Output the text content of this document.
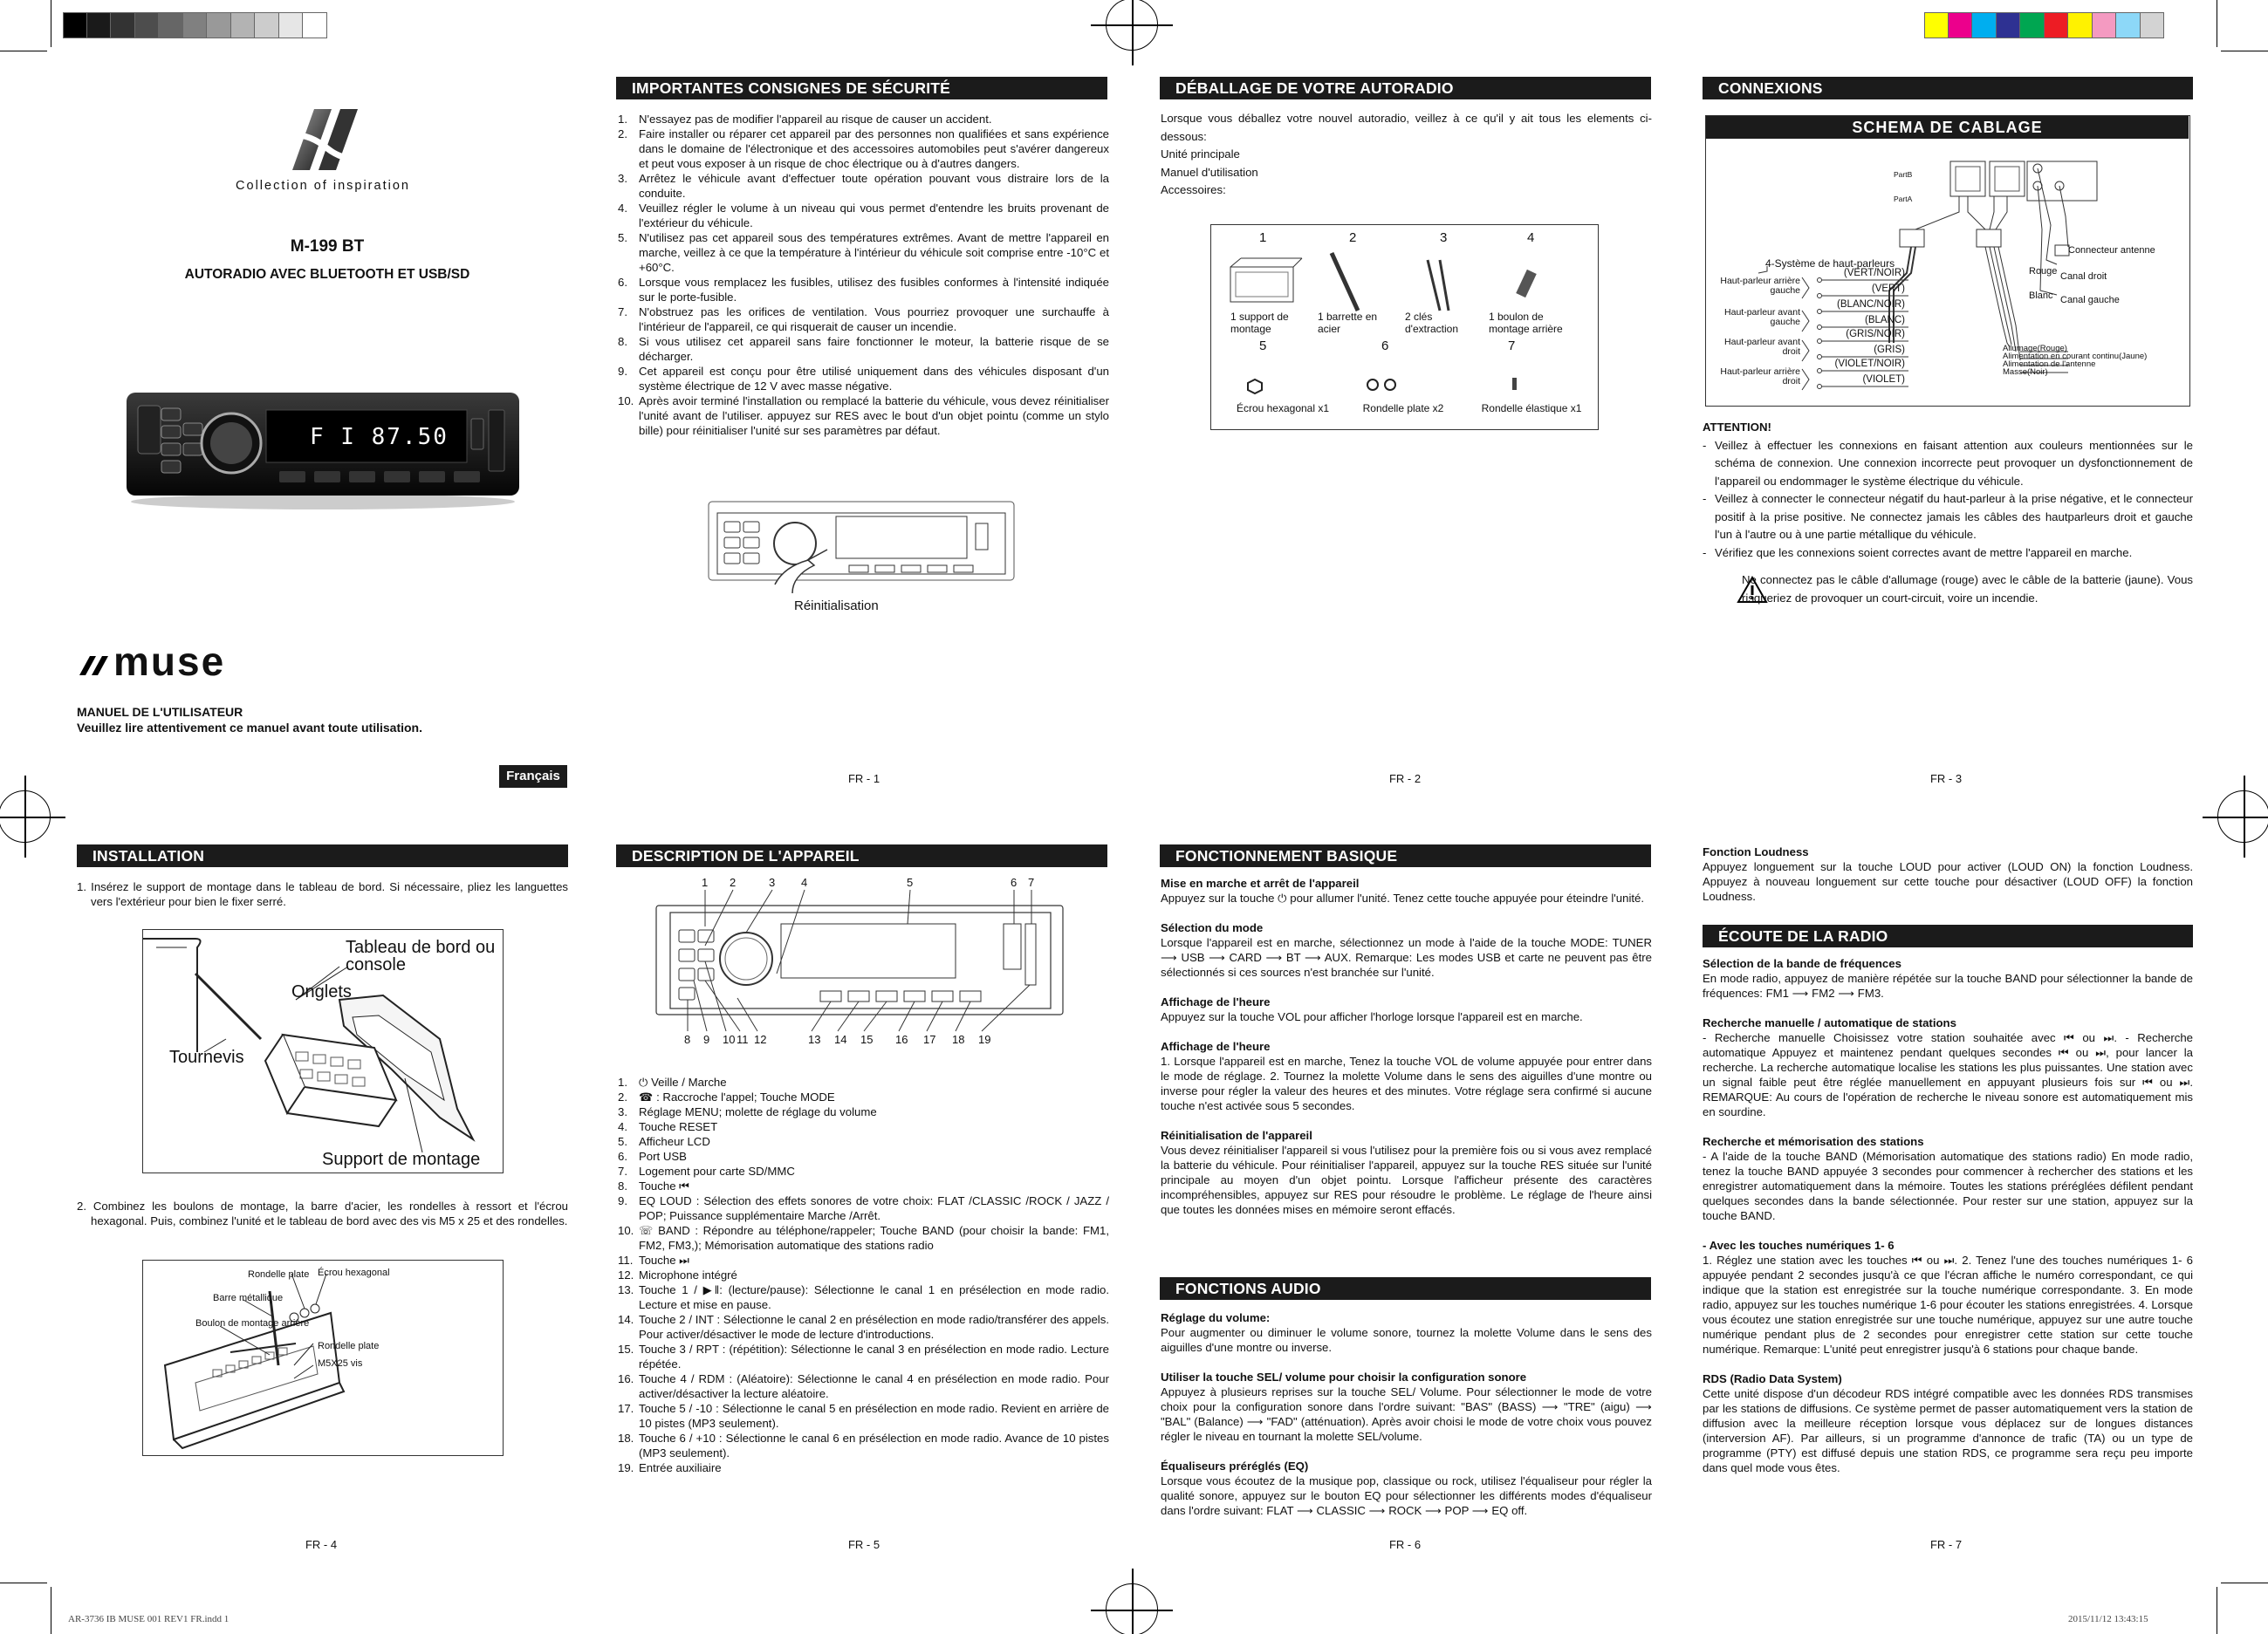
Collection of inspiration
M-199 BT
AUTORADIO AVEC BLUETOOTH ET USB/SD
F I 87.50
muse
MANUEL DE L'UTILISATEUR
Veuillez lire attentivement ce manuel avant toute utilisation.
Français
IMPORTANTES CONSIGNES DE SÉCURITÉ
1. N'essayez pas de modifier l'appareil au risque de causer un accident.
2. Faire installer ou réparer cet appareil par des personnes non qualifiées et sans expérience dans le domaine de l'électronique et des accessoires automobiles peut s'avérer dangereux et peut vous exposer à un risque de choc électrique ou à d'autres dangers.
3. Arrêtez le véhicule avant d'effectuer toute opération pouvant vous distraire lors de la conduite.
4. Veuillez régler le volume à un niveau qui vous permet d'entendre les bruits provenant de l'extérieur du véhicule.
5. N'utilisez pas cet appareil sous des températures extrêmes. Avant de mettre l'appareil en marche, veillez à ce que la température à l'intérieur du véhicule soit comprise entre -10°C et +60°C.
6. Lorsque vous remplacez les fusibles, utilisez des fusibles conformes à l'intensité indiquée sur le porte-fusible.
7. N'obstruez pas les orifices de ventilation. Vous pourriez provoquer une surchauffe à l'intérieur de l'appareil, ce qui risquerait de causer un incendie.
8. Si vous utilisez cet appareil sans faire fonctionner le moteur, la batterie risque de se décharger.
9. Cet appareil est conçu pour être utilisé uniquement dans des véhicules disposant d'un système électrique de 12 V avec masse négative.
10. Après avoir terminé l'installation ou remplacé la batterie du véhicule, vous devez réinitialiser l'unité avant de l'utiliser. appuyez sur RES avec le bout d'un objet pointu (comme un stylo bille) pour réinitialiser l'unité sur ses paramètres par défaut.
Réinitialisation
FR - 1
DÉBALLAGE DE VOTRE AUTORADIO

Lorsque vous déballez votre nouvel autoradio, veillez à ce qu'il y ait tous les elements ci-dessous:

Unité principale

Manuel d'utilisation

Accessoires:

1
1 support de montage
2
1 barrette en acier
3
2 clés d'extraction
4
1 boulon de montage arrière
5
Écrou hexagonal x1
6
Rondelle plate x2
7
Rondelle élastique x1
FR - 2
CONNEXIONS
SCHEMA DE CABLAGE
PartB
PartA
4-Système de haut-parleurs
Haut-parleur arrière gauche
Haut-parleur avant gauche
Haut-parleur avant droit
Haut-parleur arrière droit
(VERT/NOIR)
(VERT)
(BLANC/NOIR)
(BLANC)
(GRIS/NOIR)
(GRIS)
(VIOLET/NOIR)
(VIOLET)
Connecteur antenne
Rouge Canal droit
Blanc Canal gauche
Allumage(Rouge)
Alimentation en courant continu(Jaune)
Alimentation de l'antenne
Masse(Noir)

ATTENTION!

- Veillez à effectuer les connexions en faisant attention aux couleurs mentionnées sur le schéma de connexion. Une connexion incorrecte peut provoquer un dysfonctionnement de l'appareil ou endommager le système électrique du véhicule.
- Veillez à connecter le connecteur négatif du haut-parleur à la prise négative, et le connecteur positif à la prise positive. Ne connectez jamais les câbles des hautparleurs droit et gauche l'un à l'autre ou à une partie métallique du véhicule.
- Vérifiez que les connexions soient correctes avant de mettre l'appareil en marche.
Ne connectez pas le câble d'allumage (rouge) avec le câble de la batterie (jaune). Vous risqueriez de provoquer un court-circuit, voire un incendie.
FR - 3
INSTALLATION
1. Insérez le support de montage dans le tableau de bord. Si nécessaire, pliez les languettes vers l'extérieur pour bien le fixer serré.
Tableau de bord ou console
Onglets
Tournevis
Support de montage
2. Combinez les boulons de montage, la barre d'acier, les rondelles à ressort et l'écrou hexagonal. Puis, combinez l'unité et le tableau de bord avec des vis M5 x 25 et des rondelles.
Rondelle plate Écrou hexagonal
Barre métallique
Boulon de montage arrière
Rondelle plate
M5X25 vis
FR - 4
DESCRIPTION DE L'APPAREIL
1 2	3 4	5	6 7
8 9 10 11 12	13 14 15 16 17 18 19
1. ⏻ Veille / Marche
2. ☎ : Raccroche l'appel; Touche MODE
3. Réglage MENU; molette de réglage du volume
4. Touche RESET
5. Afficheur LCD
6. Port USB
7. Logement pour carte SD/MMC
8. Touche ⏮
9. EQ LOUD : Sélection des effets sonores de votre choix: FLAT /CLASSIC /ROCK / JAZZ / POP; Puissance supplémentaire Marche /Arrêt.
10. ☏ BAND : Répondre au téléphone/rappeler; Touche BAND (pour choisir la bande: FM1, FM2, FM3,); Mémorisation automatique des stations radio
11. Touche ⏭
12. Microphone intégré
13. Touche 1 / ▶‖: (lecture/pause): Sélectionne le canal 1 en présélection en mode radio. Lecture et mise en pause.
14. Touche 2 / INT : Sélectionne le canal 2 en présélection en mode radio/transférer des appels. Pour activer/désactiver le mode de lecture d'introductions.
15. Touche 3 / RPT : (répétition): Sélectionne le canal 3 en présélection en mode radio. Lecture répétée.
16. Touche 4 / RDM : (Aléatoire): Sélectionne le canal 4 en présélection en mode radio. Pour activer/désactiver la lecture aléatoire.
17. Touche 5 / -10 : Sélectionne le canal 5 en présélection en mode radio. Revient en arrière de 10 pistes (MP3 seulement).
18. Touche 6 / +10 : Sélectionne le canal 6 en présélection en mode radio. Avance de 10 pistes (MP3 seulement).
19. Entrée auxiliaire
FR - 5
FONCTIONNEMENT BASIQUE

Mise en marche et arrêt de l'appareil

Appuyez sur la touche ⏻ pour allumer l'unité. Tenez cette touche appuyée pour éteindre l'unité.

Sélection du mode

Lorsque l'appareil est en marche, sélectionnez un mode à l'aide de la touche MODE: TUNER ⟶ USB ⟶ CARD ⟶ BT ⟶ AUX. Remarque: Les modes USB et carte ne peuvent pas être sélectionnés si ces sources n'est branchée sur l'unité.

Affichage de l'heure

Appuyez sur la touche VOL pour afficher l'horloge lorsque l'appareil est en marche.

Affichage de l'heure

1. Lorsque l'appareil est en marche, Tenez la touche VOL de volume appuyée pour entrer dans le mode de réglage. 2. Tournez la molette Volume dans le sens des aiguilles d'une montre ou inverse pour régler la valeur des heures et des minutes. Votre réglage sera confirmé si aucune touche n'est activée sous 5 secondes.

Réinitialisation de l'appareil

Vous devez réinitialiser l'appareil si vous l'utilisez pour la première fois ou si vous avez remplacé la batterie du véhicule. Pour réinitialiser l'appareil, appuyez sur la touche RES située sur l'unité principale au moyen d'un objet pointu. Lorsque l'afficheur présente des caractères incompréhensibles, appuyez sur RES pour résoudre le problème. Le réglage de l'heure ainsi que toutes les données mises en mémoire seront effacés.

FONCTIONS AUDIO

Réglage du volume:

Pour augmenter ou diminuer le volume sonore, tournez la molette Volume dans le sens des aiguilles d'une montre ou inverse.

Utiliser la touche SEL/ volume pour choisir la configuration sonore

Appuyez à plusieurs reprises sur la touche SEL/ Volume. Pour sélectionner le mode de votre choix pour la configuration sonore dans l'ordre suivant: "BAS" (BASS) ⟶ "TRE" (aigu) ⟶ "BAL" (Balance) ⟶ "FAD" (atténuation). Après avoir choisi le mode de votre choix vous pouvez régler le niveau en tournant la molette SEL/volume.

Équaliseurs préréglés (EQ)

Lorsque vous écoutez de la musique pop, classique ou rock, utilisez l'équaliseur pour régler la qualité sonore, appuyez sur le bouton EQ pour sélectionner les différents modes d'équaliseur dans l'ordre suivant: FLAT ⟶ CLASSIC ⟶ ROCK ⟶ POP ⟶ EQ off.

FR - 6

Fonction Loudness

Appuyez longuement sur la touche LOUD pour activer (LOUD ON) la fonction Loudness. Appuyez à nouveau longuement sur cette touche pour désactiver (LOUD OFF) la fonction Loudness.

ÉCOUTE DE LA RADIO

Sélection de la bande de fréquences

En mode radio, appuyez de manière répétée sur la touche BAND pour sélectionner la bande de fréquences: FM1 ⟶ FM2 ⟶ FM3.

Recherche manuelle / automatique de stations

- Recherche manuelle Choisissez votre station souhaitée avec ⏮ ou ⏭. - Recherche automatique Appuyez et maintenez pendant quelques secondes ⏮ ou ⏭, pour lancer la recherche. La recherche automatique localise les stations les plus puissantes. Une station avec un signal faible peut être réglée manuellement en appuyant plusieurs fois sur ⏮ ou ⏭. REMARQUE: Au cours de l'opération de recherche le niveau sonore est automatiquement mis en sourdine.

Recherche et mémorisation des stations

- A l'aide de la touche BAND (Mémorisation automatique des stations radio) En mode radio, tenez la touche BAND appuyée 3 secondes pour commencer à rechercher des stations et les enregistrer automatiquement dans la mémoire. Toutes les stations préréglées défilent pendant quelques secondes dans la bande sélectionnée. Pour rester sur une station, appuyez sur la touche BAND.

- Avec les touches numériques 1- 6

1. Réglez une station avec les touches ⏮ ou ⏭. 2. Tenez l'une des touches numériques 1- 6 appuyée pendant 2 secondes jusqu'à ce que l'écran affiche le numéro correspondant, ce qui indique que la station est enregistrée sur la touche numérique correspondante. 3. En mode radio, appuyez sur les touches numérique 1-6 pour écouter les stations enregistrées. 4. Lorsque vous écoutez une station enregistrée sur une touche numérique, appuyez sur une autre touche numérique pendant plus de 2 secondes pour enregistrer cette station sur cette touche numérique. Remarque: L'unité peut enregistrer jusqu'à 6 stations pour chaque bande.

RDS (Radio Data System)

Cette unité dispose d'un décodeur RDS intégré compatible avec les données RDS transmises par les stations de diffusions. Ce système permet de passer automatiquement vers la station de diffusion avec la meilleure réception lorsque vous déplacez sur de longues distances (interversion AF). Par ailleurs, si un programme d'annonce de trafic (TA) ou un type de programme (PTY) est diffusé depuis une station RDS, ce programme sera reçu peu importe dans quel mode vous êtes.

FR - 7
AR-3736 IB MUSE 001 REV1 FR.indd 1	2015/11/12 13:43:15
